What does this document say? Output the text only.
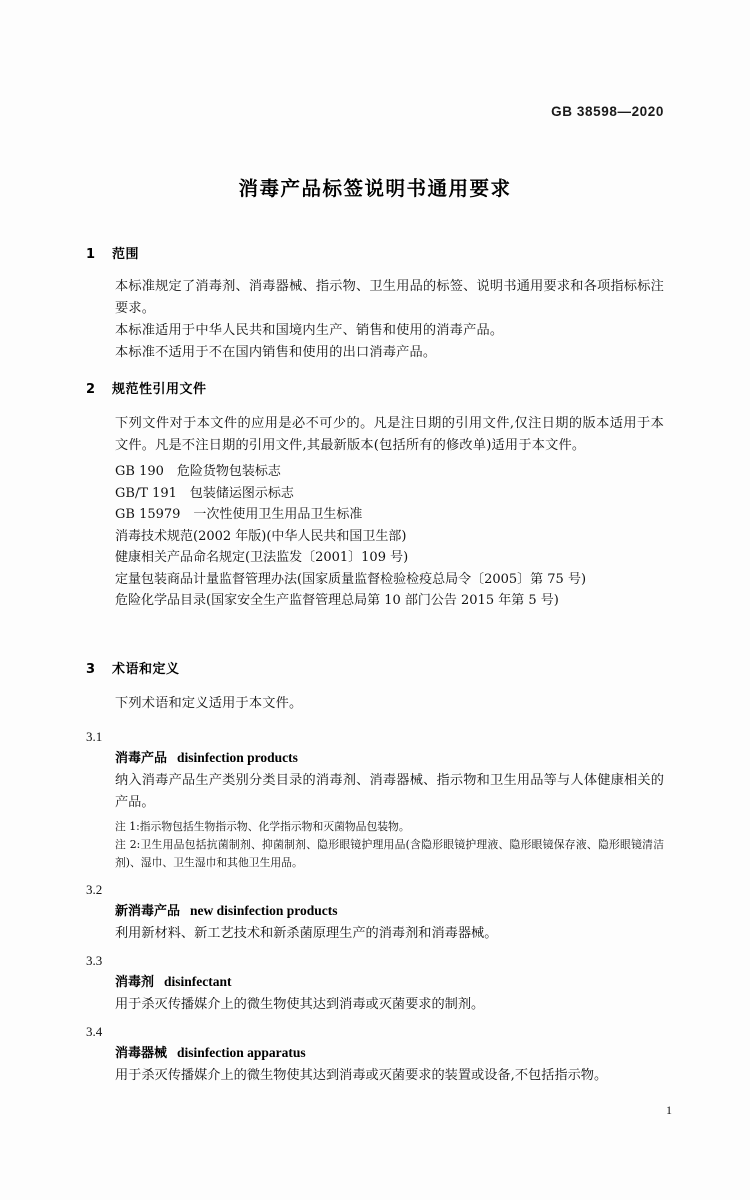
GB 38598—2020
消毒产品标签说明书通用要求
1 范围
本标准规定了消毒剂、消毒器械、指示物、卫生用品的标签、说明书通用要求和各项指标标注要求。
本标准适用于中华人民共和国境内生产、销售和使用的消毒产品。
本标准不适用于不在国内销售和使用的出口消毒产品。
2 规范性引用文件
下列文件对于本文件的应用是必不可少的。凡是注日期的引用文件,仅注日期的版本适用于本文件。凡是不注日期的引用文件,其最新版本(包括所有的修改单)适用于本文件。
GB 190　危险货物包装标志
GB/T 191　包装储运图示标志
GB 15979　一次性使用卫生用品卫生标准
消毒技术规范(2002 年版)(中华人民共和国卫生部)
健康相关产品命名规定(卫法监发〔2001〕109 号)
定量包装商品计量监督管理办法(国家质量监督检验检疫总局令〔2005〕第 75 号)
危险化学品目录(国家安全生产监督管理总局第 10 部门公告 2015 年第 5 号)
3 术语和定义
下列术语和定义适用于本文件。
3.1
消毒产品 disinfection products
纳入消毒产品生产类别分类目录的消毒剂、消毒器械、指示物和卫生用品等与人体健康相关的产品。
注 1:指示物包括生物指示物、化学指示物和灭菌物品包装物。
注 2:卫生用品包括抗菌制剂、抑菌制剂、隐形眼镜护理用品(含隐形眼镜护理液、隐形眼镜保存液、隐形眼镜清洁剂)、湿巾、卫生湿巾和其他卫生用品。
3.2
新消毒产品 new disinfection products
利用新材料、新工艺技术和新杀菌原理生产的消毒剂和消毒器械。
3.3
消毒剂 disinfectant
用于杀灭传播媒介上的微生物使其达到消毒或灭菌要求的制剂。
3.4
消毒器械 disinfection apparatus
用于杀灭传播媒介上的微生物使其达到消毒或灭菌要求的装置或设备,不包括指示物。
1
